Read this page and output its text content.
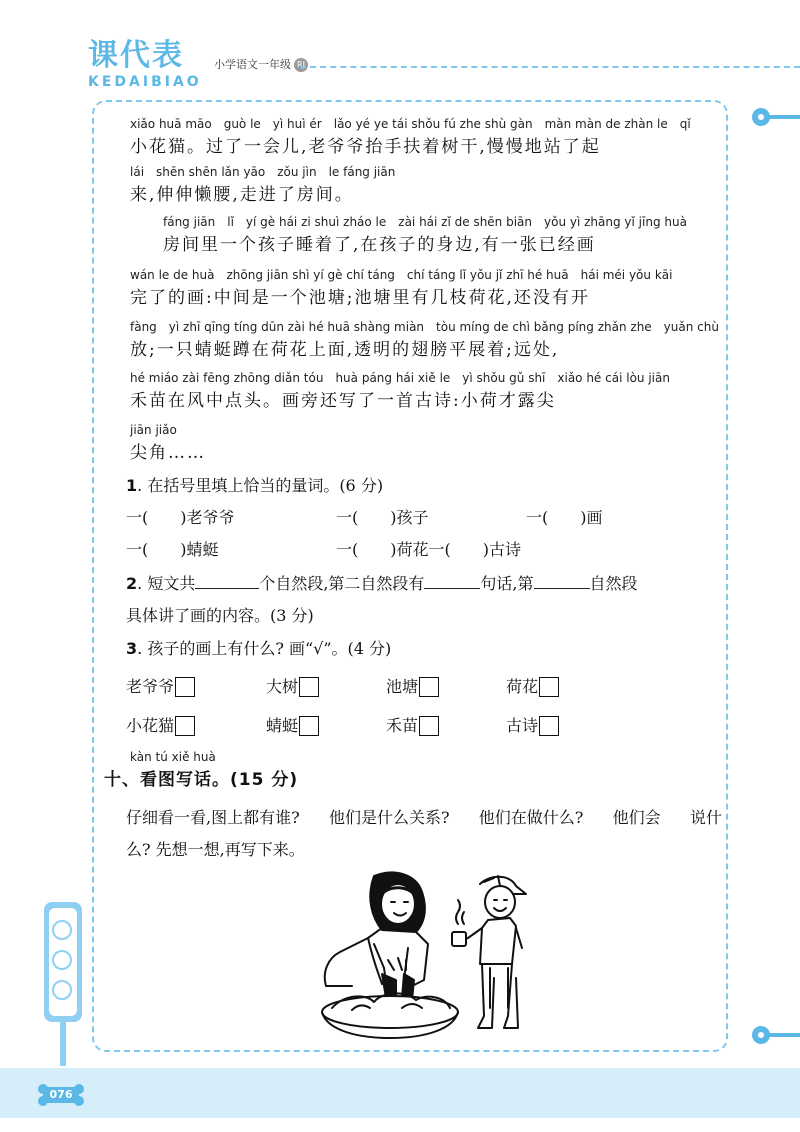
课代表
KEDAIBIAO
小学语文一年级 RJ
xiǎo huā māo　guò le　yì huì ér　lǎo yé ye tái shǒu fú zhe shù gàn　màn màn de zhàn le　qǐ
小花猫。过了一会儿,老爷爷抬手扶着树干,慢慢地站了起
lái　shēn shēn lǎn yāo　zǒu jìn　le fáng jiān
来,伸伸懒腰,走进了房间。
fáng jiān　lǐ　yí gè hái zi shuì zháo le　zài hái zǐ de shēn biān　yǒu yì zhāng yǐ jīng huà
房间里一个孩子睡着了,在孩子的身边,有一张已经画
wán le de huà　zhōng jiān shì yí gè chí táng　chí táng lǐ yǒu jǐ zhī hé huā　hái méi yǒu kāi
完了的画:中间是一个池塘;池塘里有几枝荷花,还没有开
fàng　yì zhī qīng tíng dūn zài hé huā shàng miàn　tòu míng de chì bǎng píng zhǎn zhe　yuǎn chù
放;一只蜻蜓蹲在荷花上面,透明的翅膀平展着;远处,
hé miáo zài fēng zhōng diǎn tóu　huà páng hái xiě le　yì shǒu gǔ shī　xiǎo hé cái lòu jiān
禾苗在风中点头。画旁还写了一首古诗:小荷才露尖
jiān jiǎo
尖角……
1. 在括号里填上恰当的量词。(6 分)
一(　　)老爷爷	一(　　)孩子	一(　　)画
一(　　)蜻蜓	一(　　)荷花一(　　)古诗
2. 短文共	个自然段,第二自然段有	句话,第	自然段
具体讲了画的内容。(3 分)
3. 孩子的画上有什么? 画“√”。(4 分)
老爷爷	大树	池塘	荷花
小花猫	蜻蜓	禾苗	古诗
kàn tú xiě huà
十、看图写话。(15 分)
仔细看一看,图上都有谁? 他们是什么关系? 他们在做什么? 他们会 说什
么? 先想一想,再写下来。
076
